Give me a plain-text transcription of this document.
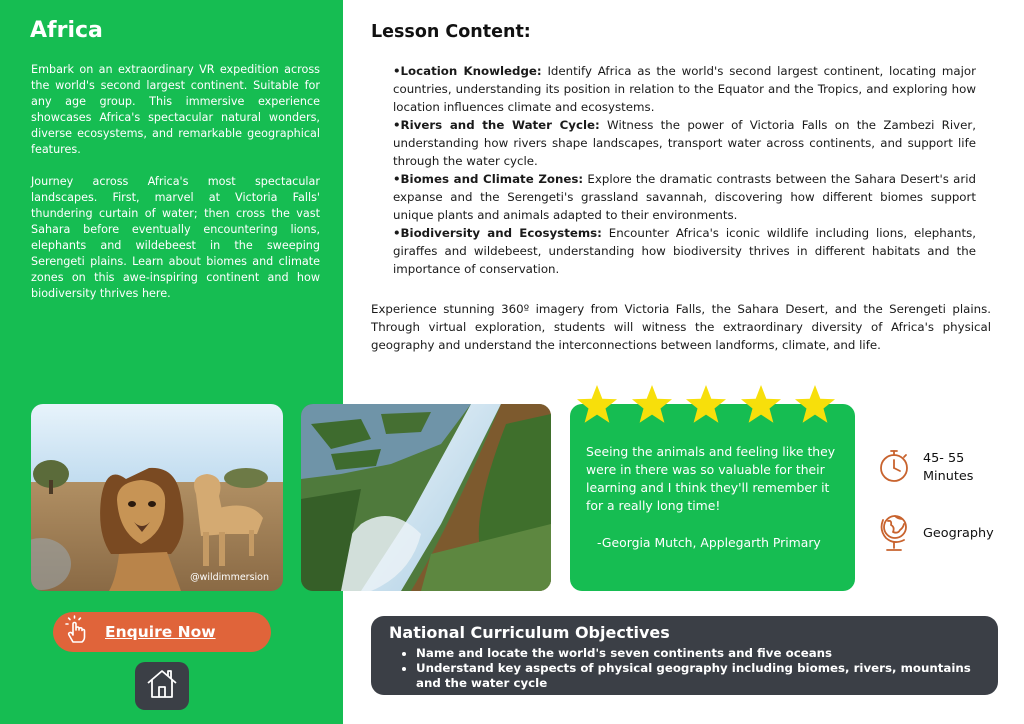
Africa

Embark on an extraordinary VR expedition across the world's second largest continent. Suitable for any age group. This immersive experience showcases Africa's spectacular natural wonders, diverse ecosystems, and remarkable geographical features.

Journey across Africa's most spectacular landscapes. First, marvel at Victoria Falls' thundering curtain of water; then cross the vast Sahara before eventually encountering lions, elephants and wildebeest in the sweeping Serengeti plains. Learn about biomes and climate zones on this awe-inspiring continent and how biodiversity thrives here.

@wildimmersion
Enquire Now
Lesson Content:
•Location Knowledge: Identify Africa as the world's second largest continent, locating major countries, understanding its position in relation to the Equator and the Tropics, and exploring how location influences climate and ecosystems.
•Rivers and the Water Cycle: Witness the power of Victoria Falls on the Zambezi River, understanding how rivers shape landscapes, transport water across continents, and support life through the water cycle.
•Biomes and Climate Zones: Explore the dramatic contrasts between the Sahara Desert's arid expanse and the Serengeti's grassland savannah, discovering how different biomes support unique plants and animals adapted to their environments.
•Biodiversity and Ecosystems: Encounter Africa's iconic wildlife including lions, elephants, giraffes and wildebeest, understanding how biodiversity thrives in different habitats and the importance of conservation.

Experience stunning 360º imagery from Victoria Falls, the Sahara Desert, and the Serengeti plains. Through virtual exploration, students will witness the extraordinary diversity of Africa's physical geography and understand the interconnections between landforms, climate, and life.

Seeing the animals and feeling like they were in there was so valuable for their learning and I think they'll remember it for a really long time!

-Georgia Mutch, Applegarth Primary

45- 55 Minutes
Geography
National Curriculum Objectives
• Name and locate the world's seven continents and five oceans
• Understand key aspects of physical geography including biomes, rivers, mountains and the water cycle
